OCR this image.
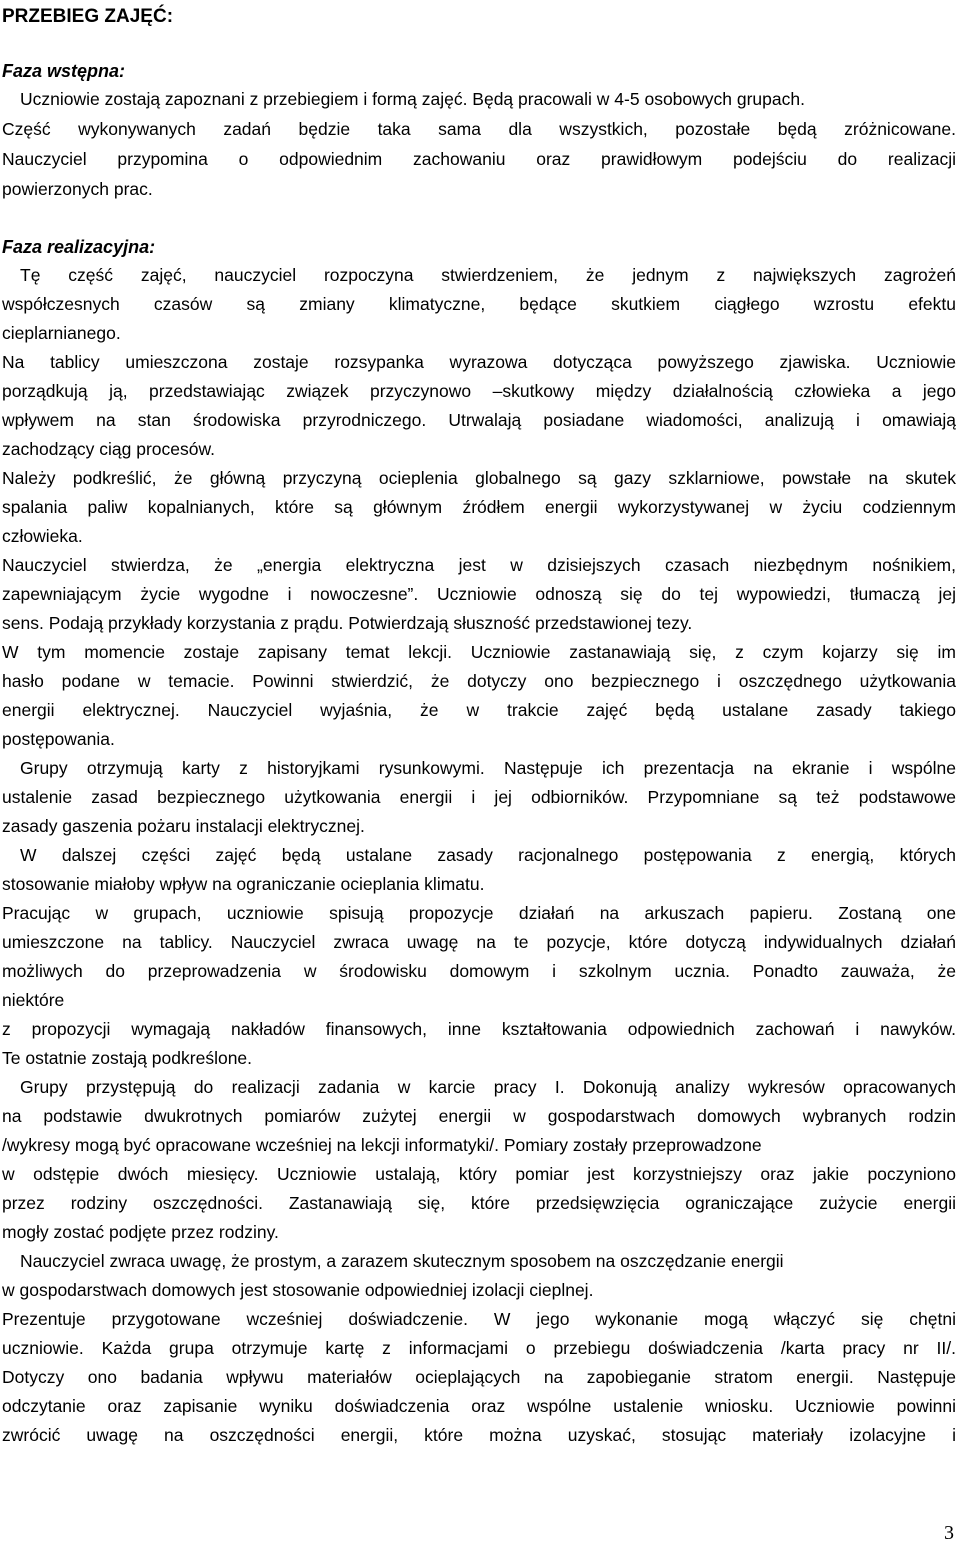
PRZEBIEG ZAJĘĆ:
Faza wstępna:
Uczniowie zostają zapoznani z przebiegiem i formą zajęć. Będą pracowali w 4-5 osobowych grupach.
Część wykonywanych zadań będzie taka sama dla wszystkich, pozostałe będą zróżnicowane.
Nauczyciel przypomina o odpowiednim zachowaniu oraz prawidłowym podejściu do realizacji
powierzonych prac.
Faza realizacyjna:
Tę część zajęć, nauczyciel rozpoczyna stwierdzeniem, że jednym z największych zagrożeń
współczesnych czasów są zmiany klimatyczne, będące skutkiem ciągłego wzrostu efektu
cieplarnianego.
Na tablicy umieszczona zostaje rozsypanka wyrazowa dotycząca powyższego zjawiska. Uczniowie
porządkują ją, przedstawiając związek przyczynowo –skutkowy między działalnością człowieka a jego
wpływem na stan środowiska przyrodniczego. Utrwalają posiadane wiadomości, analizują i omawiają
zachodzący ciąg procesów.
Należy podkreślić, że główną przyczyną ocieplenia globalnego są gazy szklarniowe, powstałe na skutek
spalania paliw kopalnianych, które są głównym źródłem energii wykorzystywanej w życiu codziennym
człowieka.
Nauczyciel stwierdza, że „energia elektryczna jest w dzisiejszych czasach niezbędnym nośnikiem,
zapewniającym życie wygodne i nowoczesne”. Uczniowie odnoszą się do tej wypowiedzi, tłumaczą jej
sens. Podają przykłady korzystania z prądu. Potwierdzają słuszność przedstawionej tezy.
W tym momencie zostaje zapisany temat lekcji. Uczniowie zastanawiają się, z czym kojarzy się im
hasło podane w temacie. Powinni stwierdzić, że dotyczy ono bezpiecznego i oszczędnego użytkowania
energii elektrycznej. Nauczyciel wyjaśnia, że w trakcie zajęć będą ustalane zasady takiego
postępowania.
Grupy otrzymują karty z historyjkami rysunkowymi. Następuje ich prezentacja na ekranie i wspólne
ustalenie zasad bezpiecznego użytkowania energii i jej odbiorników. Przypomniane są też podstawowe
zasady gaszenia pożaru instalacji elektrycznej.
W dalszej części zajęć będą ustalane zasady racjonalnego postępowania z energią, których
stosowanie miałoby wpływ na ograniczanie ocieplania klimatu.
Pracując w grupach, uczniowie spisują propozycje działań na arkuszach papieru. Zostaną one
umieszczone na tablicy. Nauczyciel zwraca uwagę na te pozycje, które dotyczą indywidualnych działań
możliwych do przeprowadzenia w środowisku domowym i szkolnym ucznia. Ponadto zauważa, że
niektóre
z propozycji wymagają nakładów finansowych, inne kształtowania odpowiednich zachowań i nawyków.
Te ostatnie zostają podkreślone.
Grupy przystępują do realizacji zadania w karcie pracy I. Dokonują analizy wykresów opracowanych
na podstawie dwukrotnych pomiarów zużytej energii w gospodarstwach domowych wybranych rodzin
/wykresy mogą być opracowane wcześniej na lekcji informatyki/. Pomiary zostały przeprowadzone
w odstępie dwóch miesięcy. Uczniowie ustalają, który pomiar jest korzystniejszy oraz jakie poczyniono
przez rodziny oszczędności. Zastanawiają się, które przedsięwzięcia ograniczające zużycie energii
mogły zostać podjęte przez rodziny.
Nauczyciel zwraca uwagę, że prostym, a zarazem skutecznym sposobem na oszczędzanie energii
w gospodarstwach domowych jest stosowanie odpowiedniej izolacji cieplnej.
Prezentuje przygotowane wcześniej doświadczenie. W jego wykonanie mogą włączyć się chętni
uczniowie. Każda grupa otrzymuje kartę z informacjami o przebiegu doświadczenia /karta pracy nr II/.
Dotyczy ono badania wpływu materiałów ocieplających na zapobieganie stratom energii. Następuje
odczytanie oraz zapisanie wyniku doświadczenia oraz wspólne ustalenie wniosku. Uczniowie powinni
zwrócić uwagę na oszczędności energii, które można uzyskać, stosując materiały izolacyjne i
3
